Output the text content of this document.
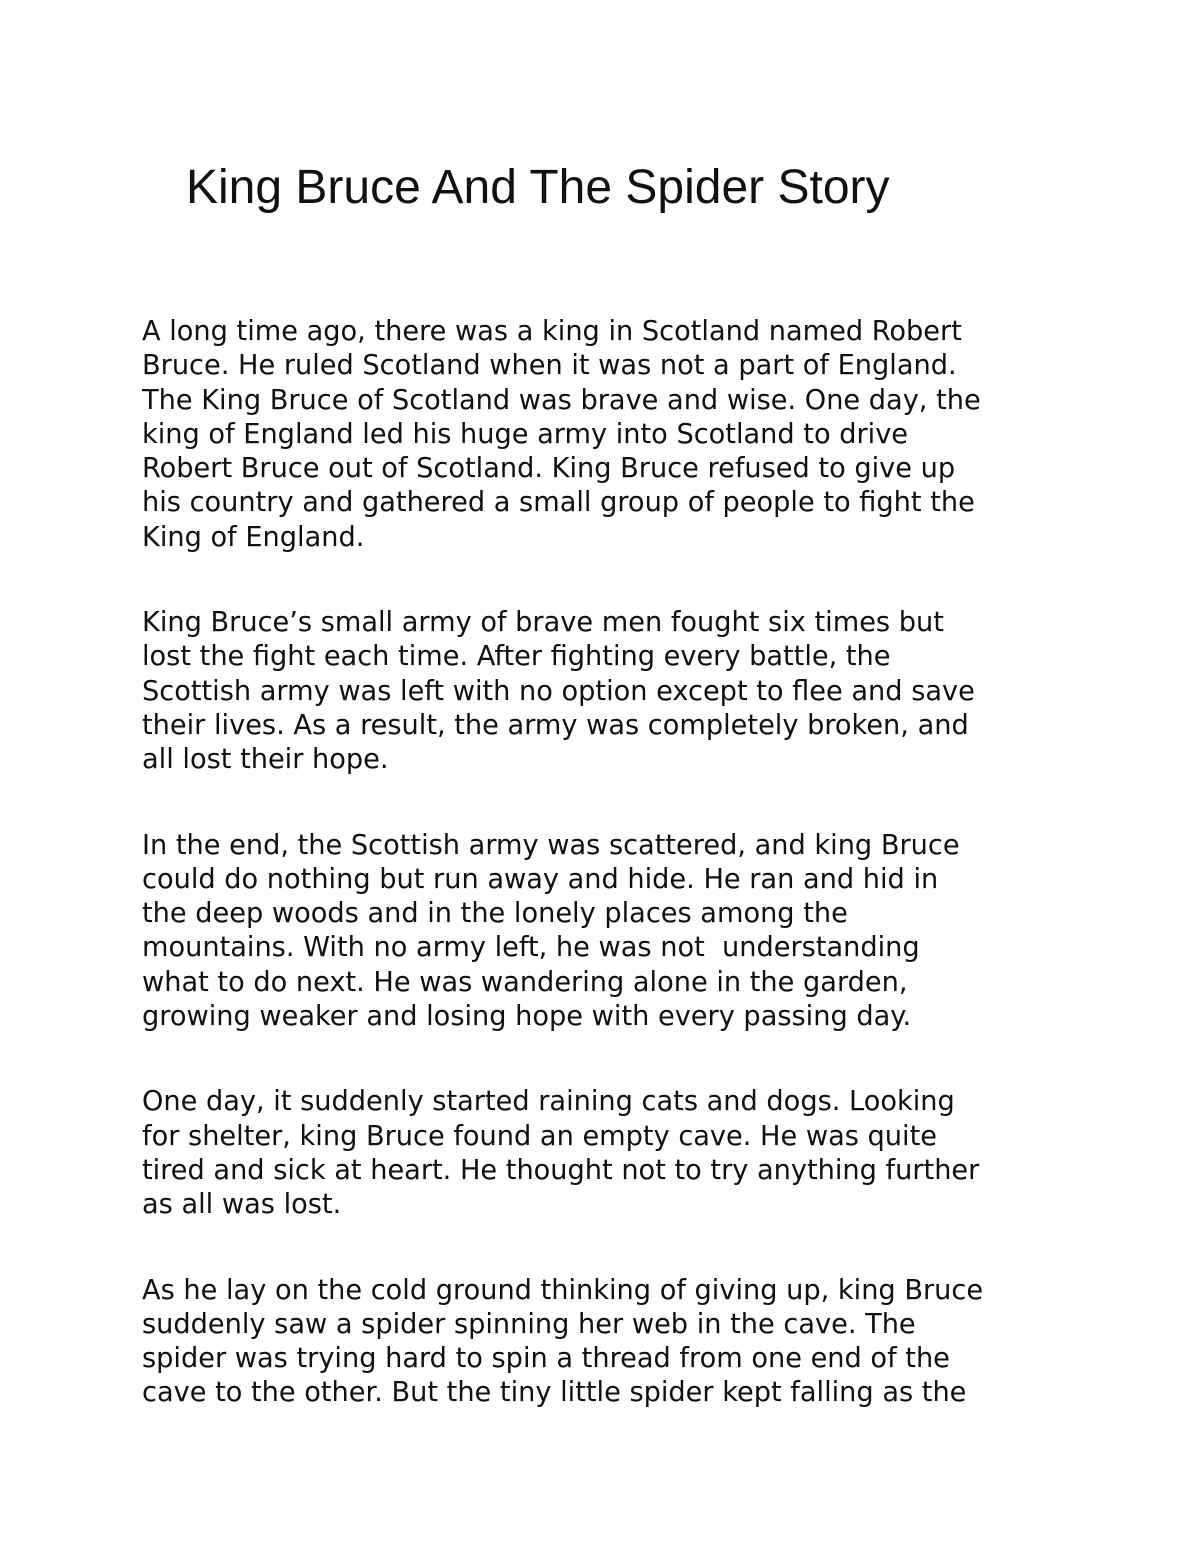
King Bruce And The Spider Story

A long time ago, there was a king in Scotland named Robert
Bruce. He ruled Scotland when it was not a part of England.
The King Bruce of Scotland was brave and wise. One day, the
king of England led his huge army into Scotland to drive
Robert Bruce out of Scotland. King Bruce refused to give up
his country and gathered a small group of people to fight the
King of England.

King Bruce’s small army of brave men fought six times but
lost the fight each time. After fighting every battle, the
Scottish army was left with no option except to flee and save
their lives. As a result, the army was completely broken, and
all lost their hope.

In the end, the Scottish army was scattered, and king Bruce
could do nothing but run away and hide. He ran and hid in
the deep woods and in the lonely places among the
mountains. With no army left, he was not  understanding
what to do next. He was wandering alone in the garden,
growing weaker and losing hope with every passing day.

One day, it suddenly started raining cats and dogs. Looking
for shelter, king Bruce found an empty cave. He was quite
tired and sick at heart. He thought not to try anything further
as all was lost.

As he lay on the cold ground thinking of giving up, king Bruce
suddenly saw a spider spinning her web in the cave. The
spider was trying hard to spin a thread from one end of the
cave to the other. But the tiny little spider kept falling as the
